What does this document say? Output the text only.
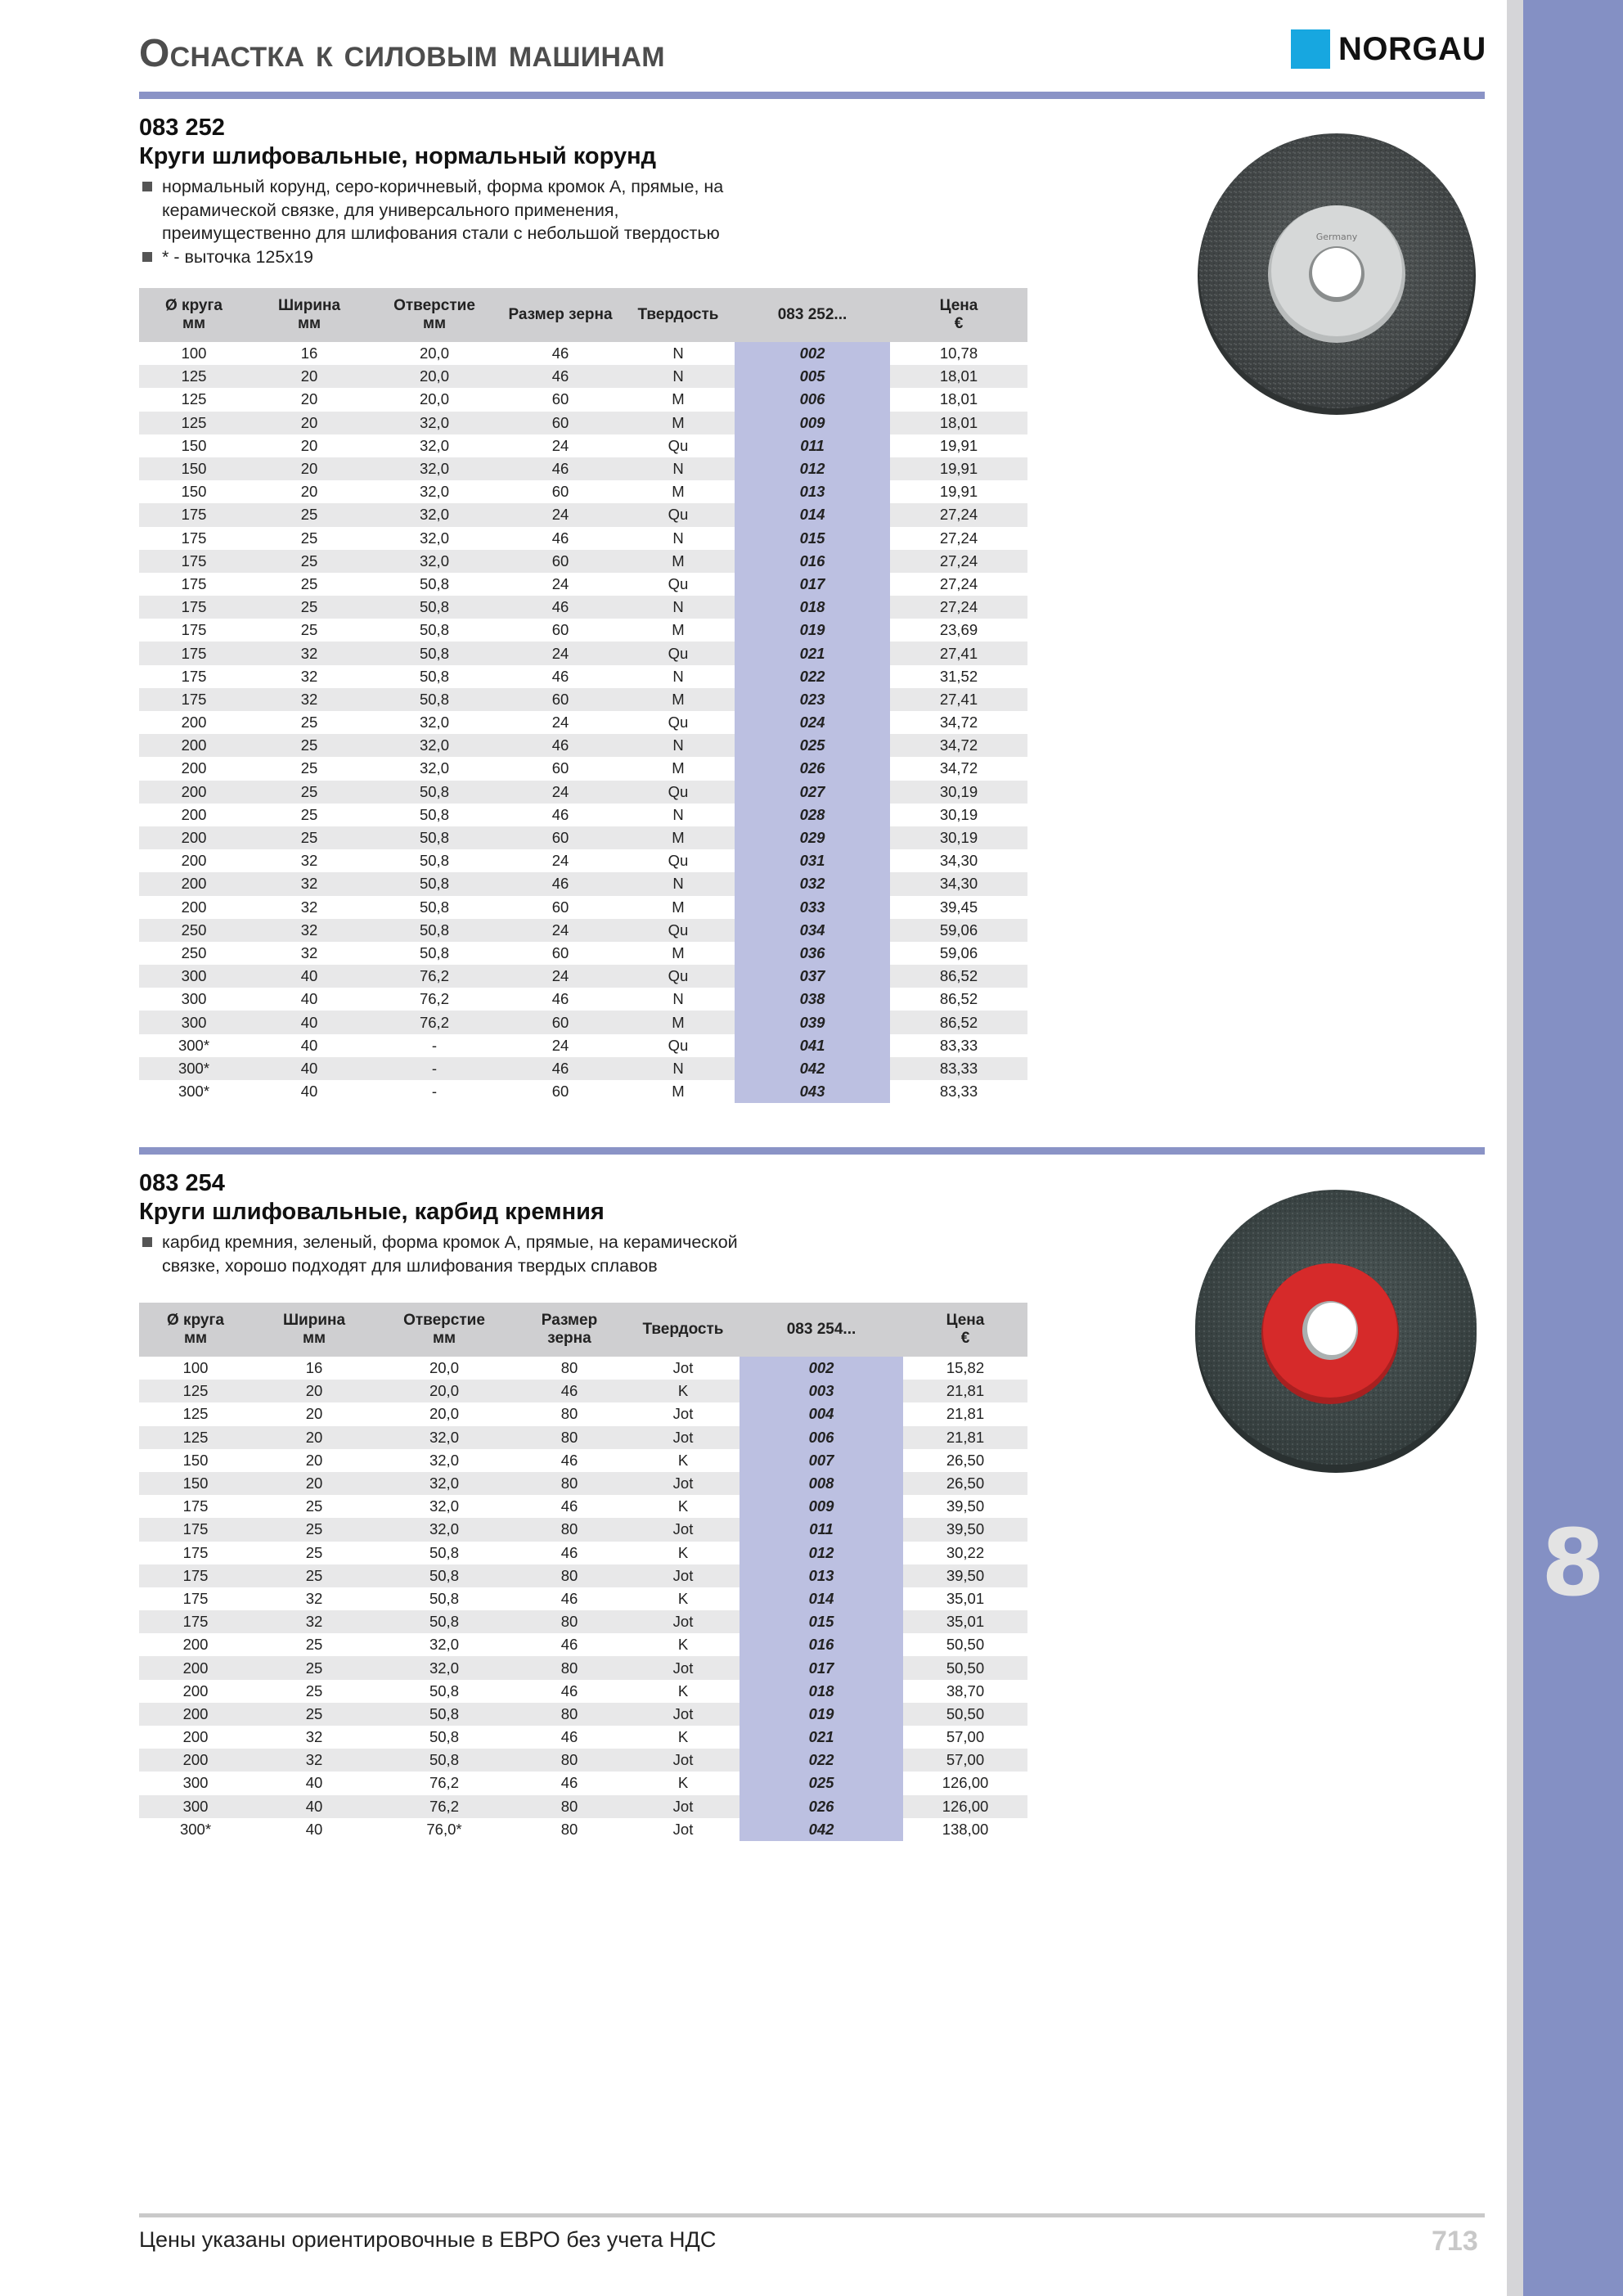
8
Оснастка к силовым машинам	NORGAU
083 252
Круги шлифовальные, нормальный корунд
нормальный корунд, серо-коричневый, форма кромок А, прямые, на керамической связке, для универсального применения, преимущественно для шлифования стали с небольшой твердостью
* - выточка 125x19
Germany
Ø круга
мм	Ширина
мм	Отверстие
мм	Размер зерна	Твердость	083 252...	Цена
€
100	16	20,0	46	N	002	10,78
125	20	20,0	46	N	005	18,01
125	20	20,0	60	M	006	18,01
125	20	32,0	60	M	009	18,01
150	20	32,0	24	Qu	011	19,91
150	20	32,0	46	N	012	19,91
150	20	32,0	60	M	013	19,91
175	25	32,0	24	Qu	014	27,24
175	25	32,0	46	N	015	27,24
175	25	32,0	60	M	016	27,24
175	25	50,8	24	Qu	017	27,24
175	25	50,8	46	N	018	27,24
175	25	50,8	60	M	019	23,69
175	32	50,8	24	Qu	021	27,41
175	32	50,8	46	N	022	31,52
175	32	50,8	60	M	023	27,41
200	25	32,0	24	Qu	024	34,72
200	25	32,0	46	N	025	34,72
200	25	32,0	60	M	026	34,72
200	25	50,8	24	Qu	027	30,19
200	25	50,8	46	N	028	30,19
200	25	50,8	60	M	029	30,19
200	32	50,8	24	Qu	031	34,30
200	32	50,8	46	N	032	34,30
200	32	50,8	60	M	033	39,45
250	32	50,8	24	Qu	034	59,06
250	32	50,8	60	M	036	59,06
300	40	76,2	24	Qu	037	86,52
300	40	76,2	46	N	038	86,52
300	40	76,2	60	M	039	86,52
300*	40	-	24	Qu	041	83,33
300*	40	-	46	N	042	83,33
300*	40	-	60	M	043	83,33
083 254
Круги шлифовальные, карбид кремния
карбид кремния, зеленый, форма кромок А, прямые, на керамической связке, хорошо подходят для шлифования твердых сплавов
Ø круга
мм	Ширина
мм	Отверстие
мм	Размер
зерна	Твердость	083 254...	Цена
€
100	16	20,0	80	Jot	002	15,82
125	20	20,0	46	K	003	21,81
125	20	20,0	80	Jot	004	21,81
125	20	32,0	80	Jot	006	21,81
150	20	32,0	46	K	007	26,50
150	20	32,0	80	Jot	008	26,50
175	25	32,0	46	K	009	39,50
175	25	32,0	80	Jot	011	39,50
175	25	50,8	46	K	012	30,22
175	25	50,8	80	Jot	013	39,50
175	32	50,8	46	K	014	35,01
175	32	50,8	80	Jot	015	35,01
200	25	32,0	46	K	016	50,50
200	25	32,0	80	Jot	017	50,50
200	25	50,8	46	K	018	38,70
200	25	50,8	80	Jot	019	50,50
200	32	50,8	46	K	021	57,00
200	32	50,8	80	Jot	022	57,00
300	40	76,2	46	K	025	126,00
300	40	76,2	80	Jot	026	126,00
300*	40	76,0*	80	Jot	042	138,00
Цены указаны ориентировочные в ЕВРО без учета НДС	713
